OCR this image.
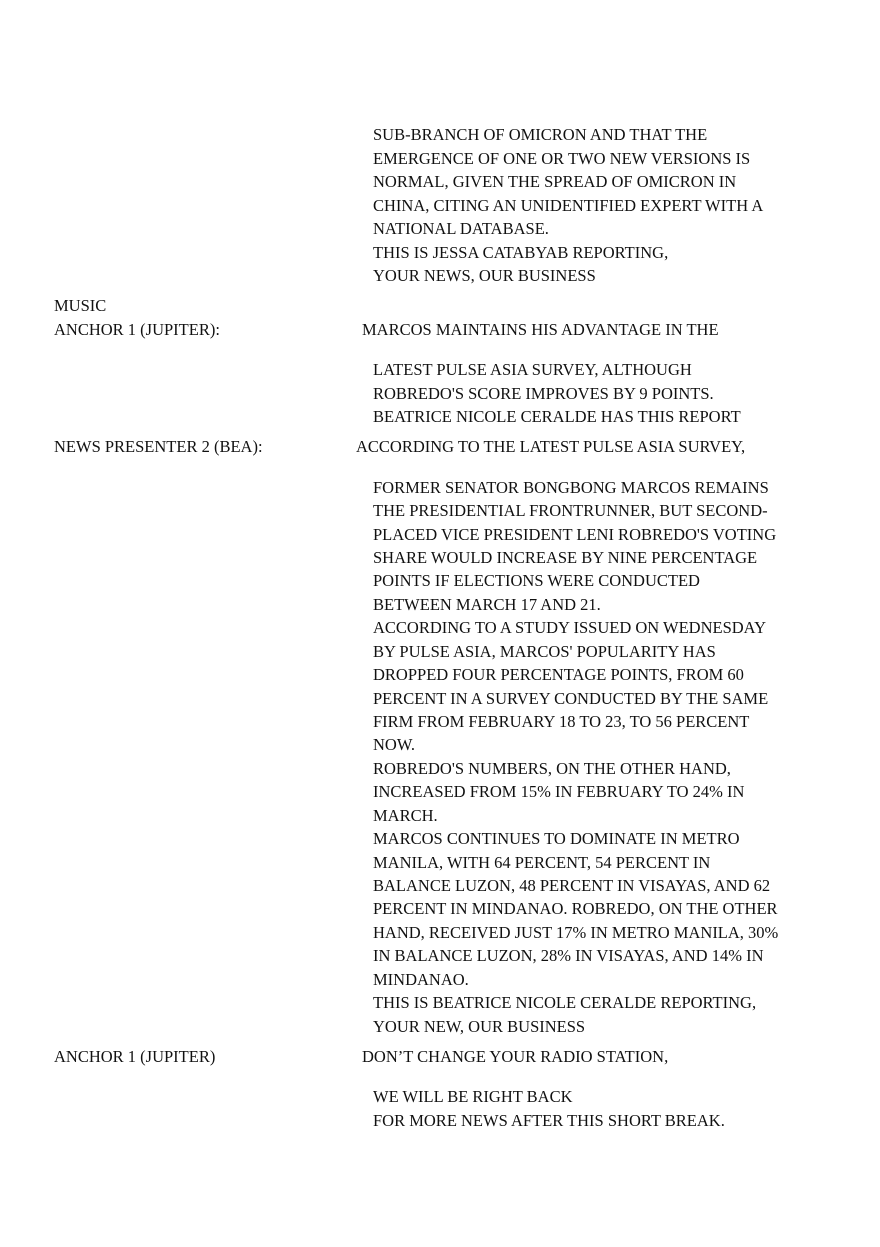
SUB-BRANCH OF OMICRON AND THAT THE

EMERGENCE OF ONE OR TWO NEW VERSIONS IS

NORMAL, GIVEN THE SPREAD OF OMICRON IN

CHINA, CITING AN UNIDENTIFIED EXPERT WITH A

NATIONAL DATABASE.

THIS IS JESSA CATABYAB REPORTING,

YOUR NEWS, OUR BUSINESS

MUSIC

ANCHOR 1 (JUPITER):	MARCOS MAINTAINS HIS ADVANTAGE IN THE

LATEST PULSE ASIA SURVEY, ALTHOUGH

ROBREDO'S SCORE IMPROVES BY 9 POINTS.

BEATRICE NICOLE CERALDE HAS THIS REPORT

NEWS PRESENTER 2 (BEA):	ACCORDING TO THE LATEST PULSE ASIA SURVEY,

FORMER SENATOR BONGBONG MARCOS REMAINS

THE PRESIDENTIAL FRONTRUNNER, BUT SECOND-

PLACED VICE PRESIDENT LENI ROBREDO'S VOTING

SHARE WOULD INCREASE BY NINE PERCENTAGE

POINTS IF ELECTIONS WERE CONDUCTED

BETWEEN MARCH 17 AND 21.

ACCORDING TO A STUDY ISSUED ON WEDNESDAY

BY PULSE ASIA, MARCOS' POPULARITY HAS

DROPPED FOUR PERCENTAGE POINTS, FROM 60

PERCENT IN A SURVEY CONDUCTED BY THE SAME

FIRM FROM FEBRUARY 18 TO 23, TO 56 PERCENT

NOW.

ROBREDO'S NUMBERS, ON THE OTHER HAND,

INCREASED FROM 15% IN FEBRUARY TO 24% IN

MARCH.

MARCOS CONTINUES TO DOMINATE IN METRO

MANILA, WITH 64 PERCENT, 54 PERCENT IN

BALANCE LUZON, 48 PERCENT IN VISAYAS, AND 62

PERCENT IN MINDANAO. ROBREDO, ON THE OTHER

HAND, RECEIVED JUST 17% IN METRO MANILA, 30%

IN BALANCE LUZON, 28% IN VISAYAS, AND 14% IN

MINDANAO.

THIS IS BEATRICE NICOLE CERALDE REPORTING,

YOUR NEW, OUR BUSINESS

ANCHOR 1 (JUPITER)	DON’T CHANGE YOUR RADIO STATION,

WE WILL BE RIGHT BACK

FOR MORE NEWS AFTER THIS SHORT BREAK.
